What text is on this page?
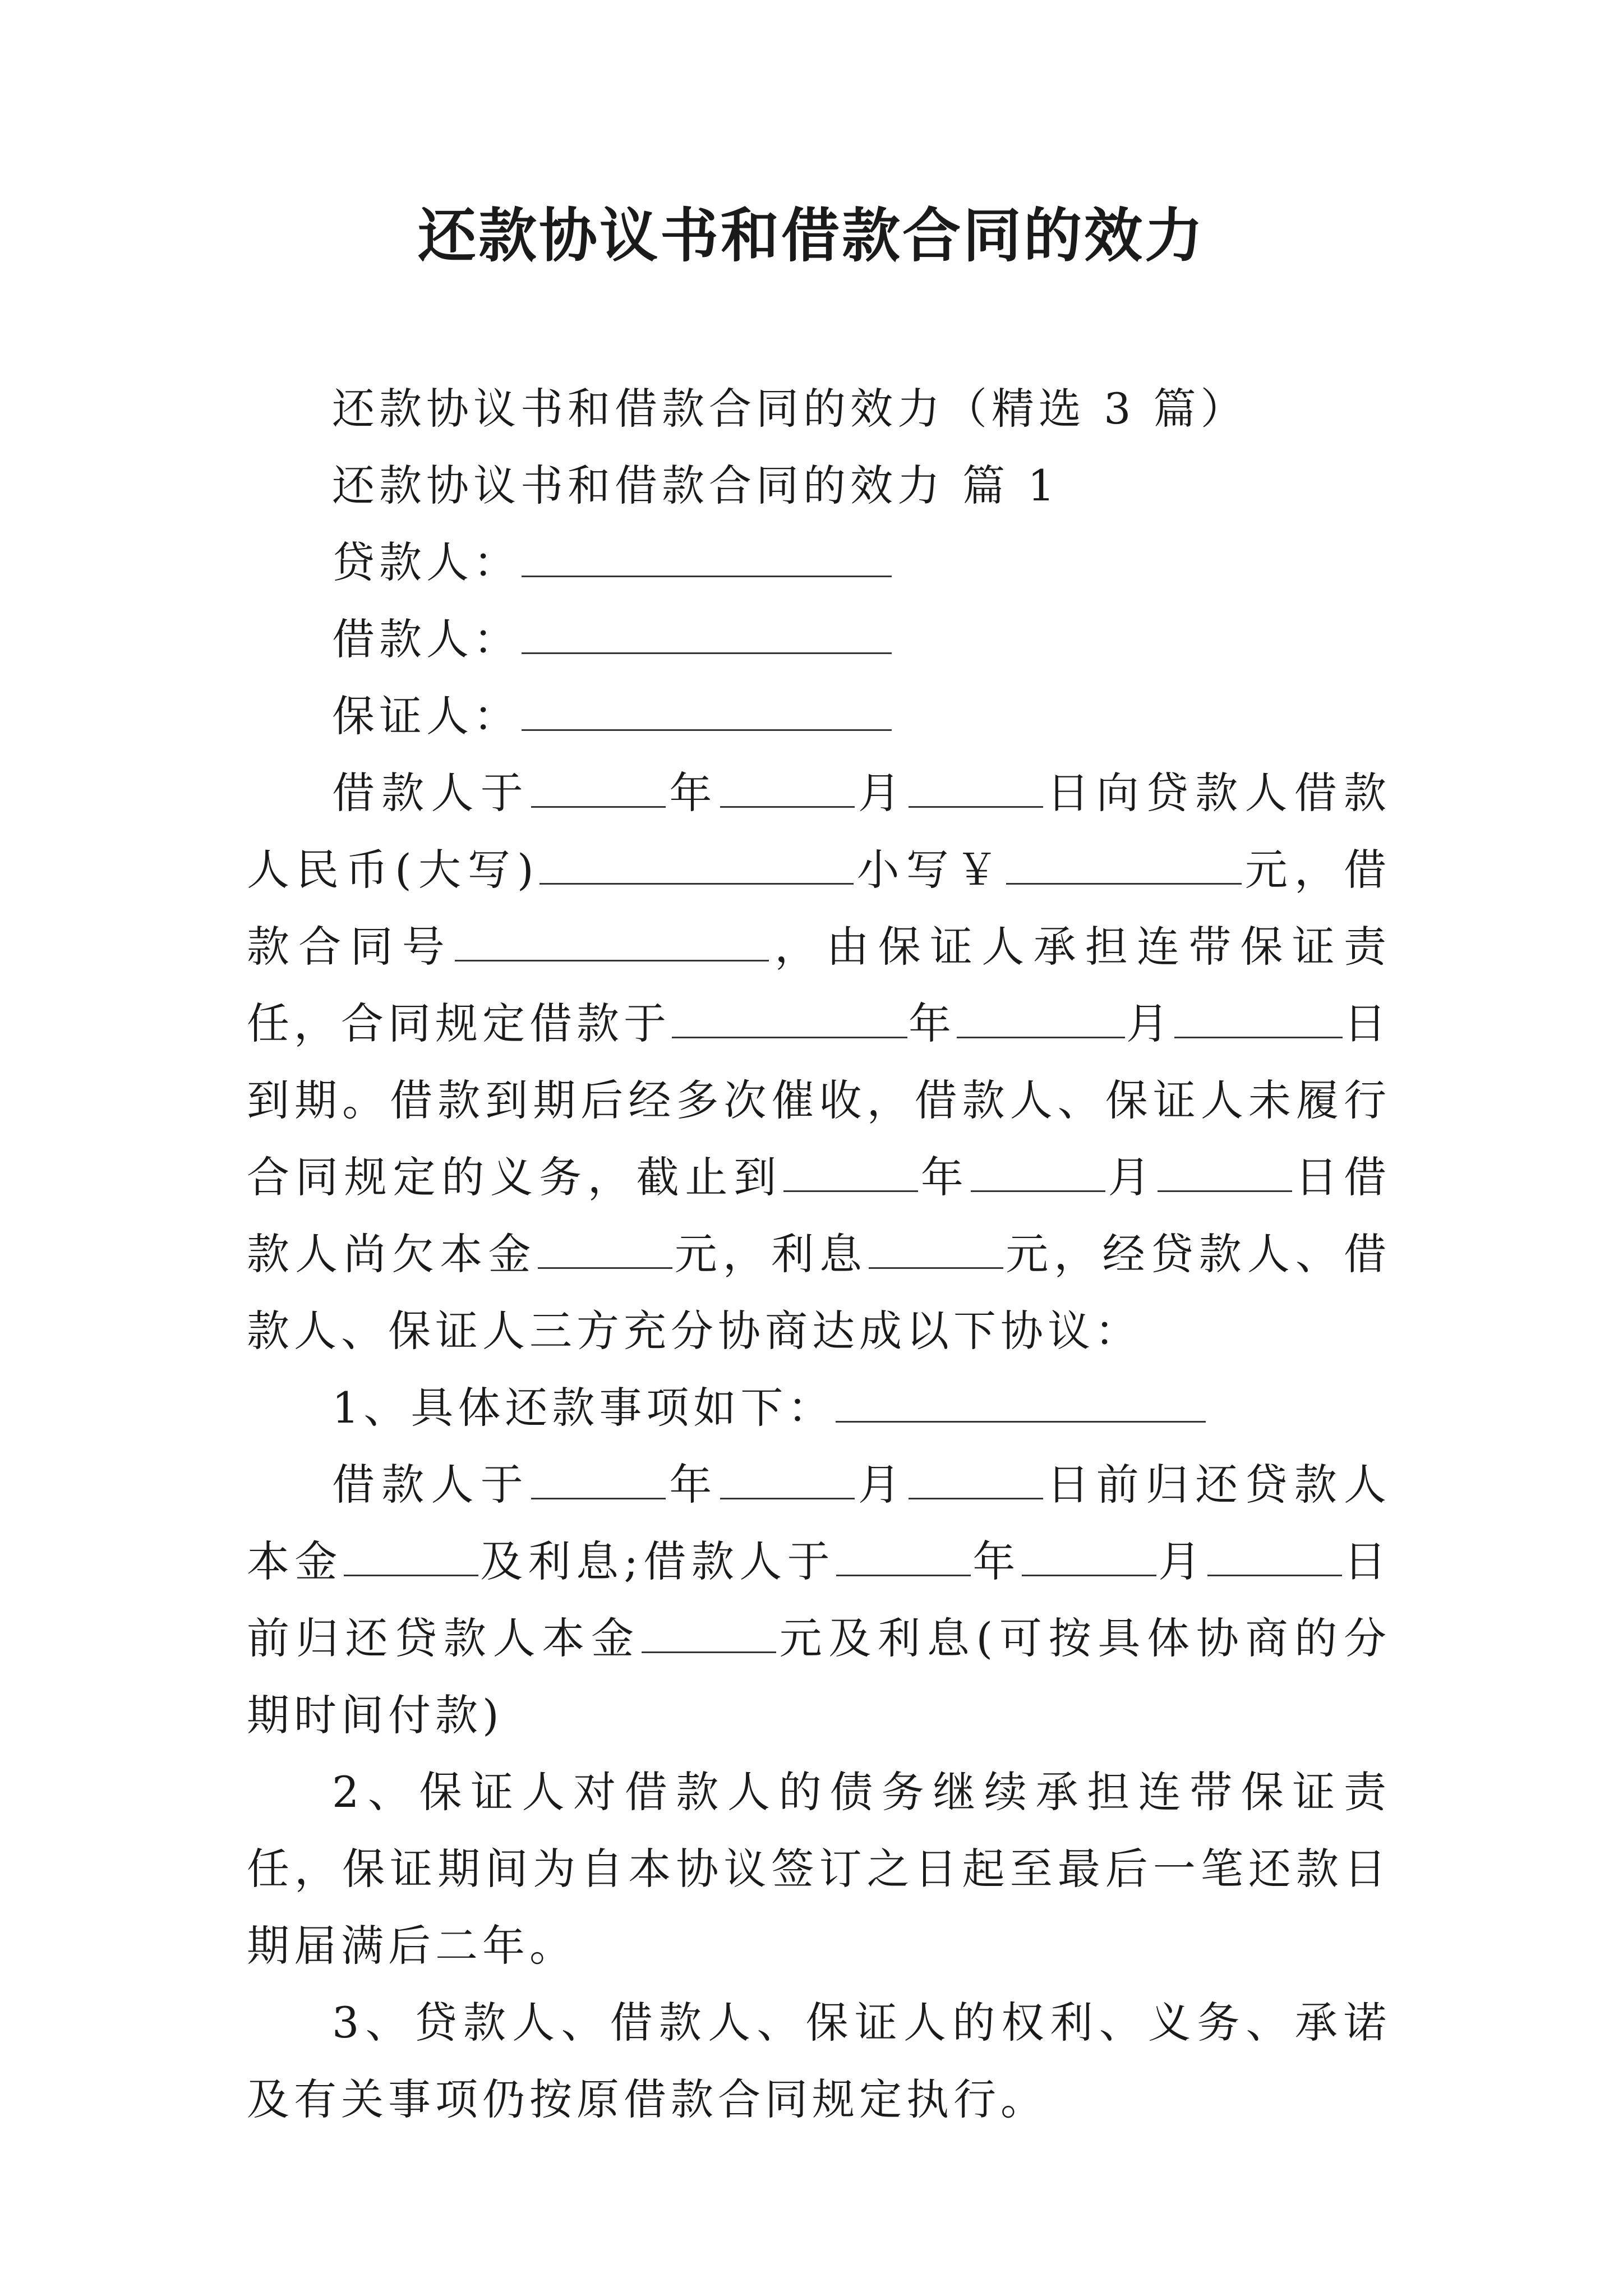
还款协议书和借款合同的效力

还款协议书和借款合同的效力（精选 3 篇）

还款协议书和借款合同的效力 篇 1

贷款人：

借款人：

保证人：

借款人于	年	月	日向贷款人借款人民币(大写)	小写￥	元，借款合同号	，由保证人承担连带保证责任，合同规定借款于	年	月	日到期。借款到期后经多次催收，借款人、保证人未履行合同规定的义务，截止到	年	月	日借款人尚欠本金	元，利息	元，经贷款人、借款人、保证人三方充分协商达成以下协议：

1、具体还款事项如下：

借款人于	年	月	日前归还贷款人本金	及利息;借款人于	年	月	日前归还贷款人本金	元及利息(可按具体协商的分期时间付款)

2、保证人对借款人的债务继续承担连带保证责任，保证期间为自本协议签订之日起至最后一笔还款日期届满后二年。

3、贷款人、借款人、保证人的权利、义务、承诺及有关事项仍按原借款合同规定执行。
